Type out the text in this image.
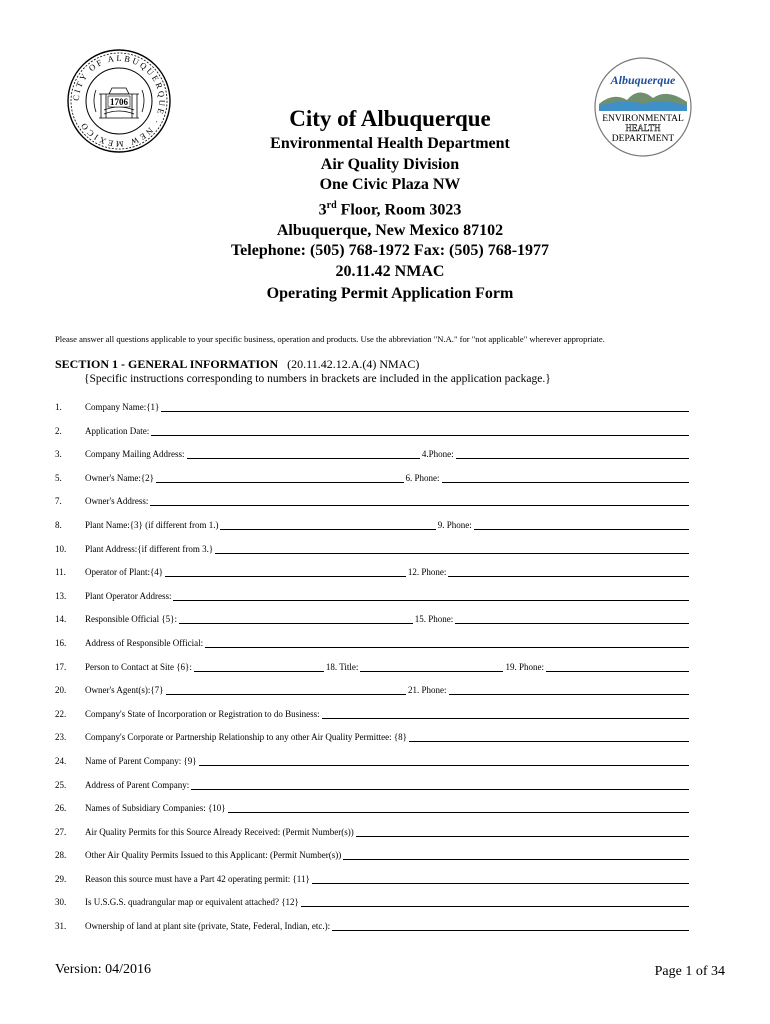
CITY OF ALBUQUERQUE · NEW MEXICO
1706
Albuquerque
ENVIRONMENTAL
HEALTH
DEPARTMENT
City of Albuquerque
Environmental Health Department
Air Quality Division
One Civic Plaza NW
3rd Floor, Room 3023
Albuquerque, New Mexico 87102
Telephone: (505) 768-1972 Fax: (505) 768-1977
20.11.42 NMAC
Operating Permit Application Form
Please answer all questions applicable to your specific business, operation and products. Use the abbreviation "N.A." for "not applicable" wherever appropriate.
SECTION 1 - GENERAL INFORMATION (20.11.42.12.A.(4) NMAC)
{Specific instructions corresponding to numbers in brackets are included in the application package.}
1.	Company Name:{1}
2.	Application Date:
3.	Company Mailing Address:	4.Phone:
5.	Owner's Name:{2}	6. Phone:
7.	Owner's Address:
8.	Plant Name:{3} (if different from 1.)	9. Phone:
10. Plant Address:{if different from 3.}
11. Operator of Plant:{4}	12. Phone:
13. Plant Operator Address:
14. Responsible Official {5}:	15. Phone:
16. Address of Responsible Official:
17. Person to Contact at Site {6}:	18. Title:	19. Phone:
20. Owner's Agent(s):{7}	21. Phone:
22. Company's State of Incorporation or Registration to do Business:
23. Company's Corporate or Partnership Relationship to any other Air Quality Permittee: {8}
24. Name of Parent Company: {9}
25. Address of Parent Company:
26. Names of Subsidiary Companies: {10}
27. Air Quality Permits for this Source Already Received: (Permit Number(s))
28. Other Air Quality Permits Issued to this Applicant: (Permit Number(s))
29. Reason this source must have a Part 42 operating permit: {11}
30. Is U.S.G.S. quadrangular map or equivalent attached? {12}
31. Ownership of land at plant site (private, State, Federal, Indian, etc.):
Version: 04/2016	Page 1 of 34
